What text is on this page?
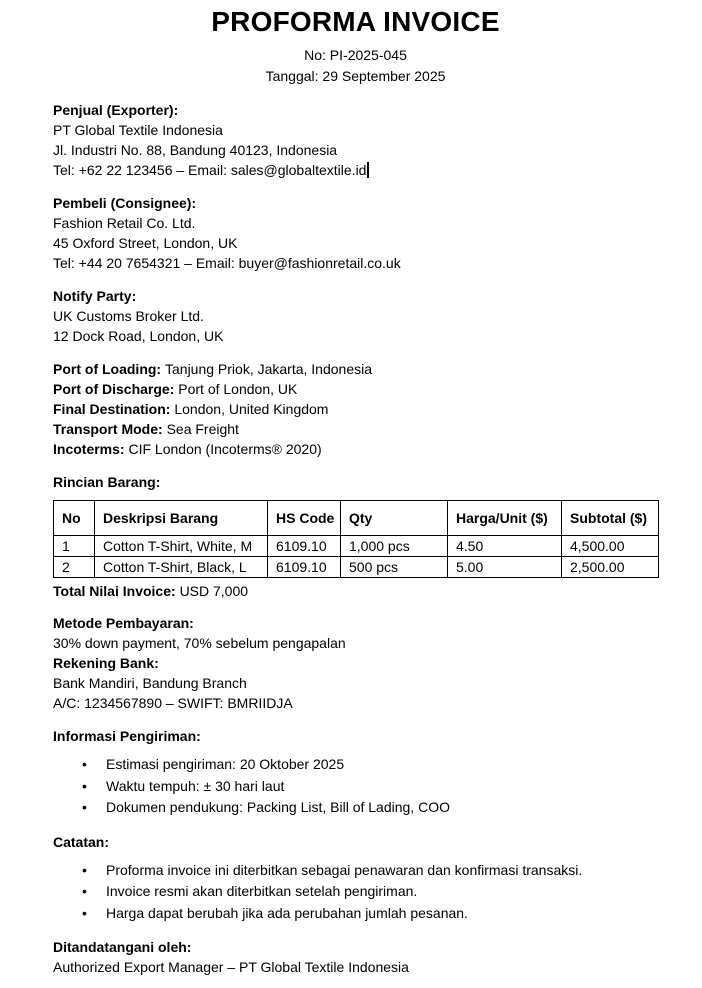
PROFORMA INVOICE

No: PI-2025-045

Tanggal: 29 September 2025

Penjual (Exporter):

PT Global Textile Indonesia

Jl. Industri No. 88, Bandung 40123, Indonesia

Tel: +62 22 123456 – Email: sales@globaltextile.id

Pembeli (Consignee):

Fashion Retail Co. Ltd.

45 Oxford Street, London, UK

Tel: +44 20 7654321 – Email: buyer@fashionretail.co.uk

Notify Party:

UK Customs Broker Ltd.

12 Dock Road, London, UK

Port of Loading: Tanjung Priok, Jakarta, Indonesia

Port of Discharge: Port of London, UK

Final Destination: London, United Kingdom

Transport Mode: Sea Freight

Incoterms: CIF London (Incoterms® 2020)

Rincian Barang:

No	Deskripsi Barang	HS Code	Qty	Harga/Unit ($)	Subtotal ($)
1	Cotton T-Shirt, White, M	6109.10	1,000 pcs	4.50	4,500.00
2	Cotton T-Shirt, Black, L	6109.10	500 pcs	5.00	2,500.00

Total Nilai Invoice: USD 7,000

Metode Pembayaran:

30% down payment, 70% sebelum pengapalan

Rekening Bank:

Bank Mandiri, Bandung Branch

A/C: 1234567890 – SWIFT: BMRIIDJA

Informasi Pengiriman:

•	Estimasi pengiriman: 20 Oktober 2025
•	Waktu tempuh: ± 30 hari laut
•	Dokumen pendukung: Packing List, Bill of Lading, COO

Catatan:

•	Proforma invoice ini diterbitkan sebagai penawaran dan konfirmasi transaksi.
•	Invoice resmi akan diterbitkan setelah pengiriman.
•	Harga dapat berubah jika ada perubahan jumlah pesanan.

Ditandatangani oleh:

Authorized Export Manager – PT Global Textile Indonesia
